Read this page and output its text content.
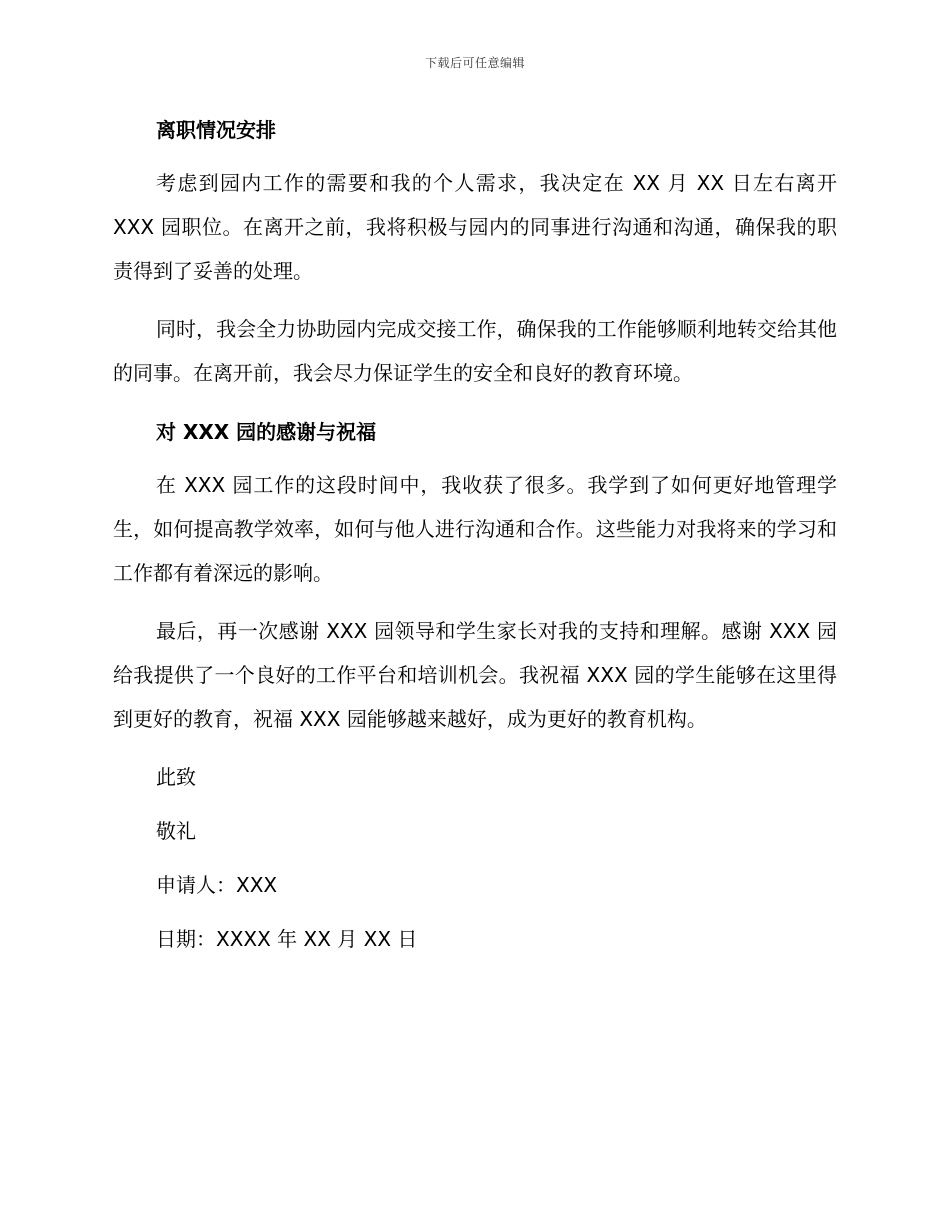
下载后可任意编辑
离职情况安排

考虑到园内工作的需要和我的个人需求，我决定在 XX 月 XX 日左右离开 XXX 园职位。在离开之前，我将积极与园内的同事进行沟通和沟通，确保我的职责得到了妥善的处理。

同时，我会全力协助园内完成交接工作，确保我的工作能够顺利地转交给其他的同事。在离开前，我会尽力保证学生的安全和良好的教育环境。

对 XXX 园的感谢与祝福

在 XXX 园工作的这段时间中，我收获了很多。我学到了如何更好地管理学生，如何提高教学效率，如何与他人进行沟通和合作。这些能力对我将来的学习和工作都有着深远的影响。

最后，再一次感谢 XXX 园领导和学生家长对我的支持和理解。感谢 XXX 园给我提供了一个良好的工作平台和培训机会。我祝福 XXX 园的学生能够在这里得到更好的教育，祝福 XXX 园能够越来越好，成为更好的教育机构。

此致
敬礼
申请人：XXX
日期：XXXX 年 XX 月 XX 日
